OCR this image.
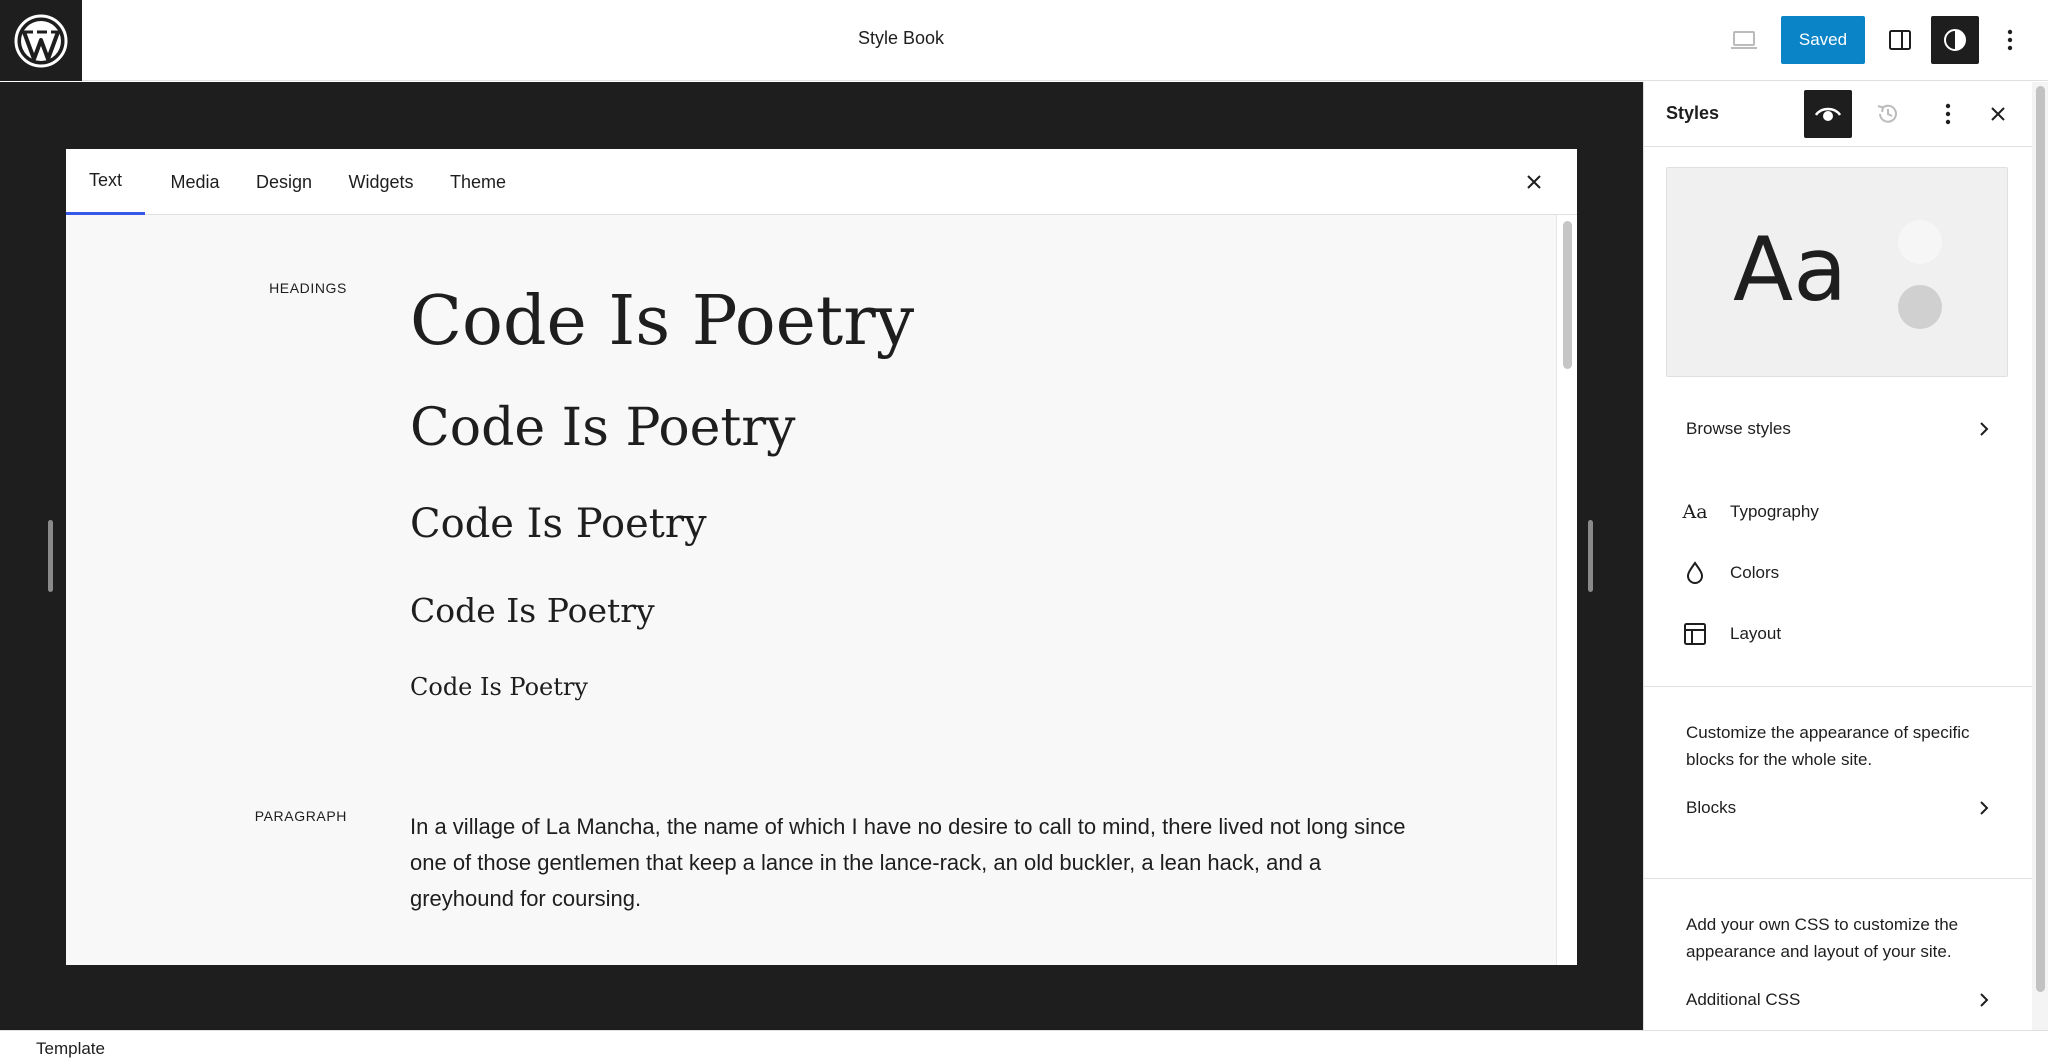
Style Book	Saved
Text	Media	Design	Widgets	Theme
HEADINGS Code Is Poetry
Code Is Poetry
Code Is Poetry
Code Is Poetry
Code Is Poetry
PARAGRAPH	In a village of La Mancha, the name of which I have no desire to call to mind, there lived not long since one of those gentlemen that keep a lance in the lance-rack, an old buckler, a lean hack, and a greyhound for coursing.
Styles
Aa
Browse styles
Aa Typography
Colors
Layout
Customize the appearance of specific blocks for the whole site.
Blocks
Add your own CSS to customize the appearance and layout of your site.
Additional CSS
Template
